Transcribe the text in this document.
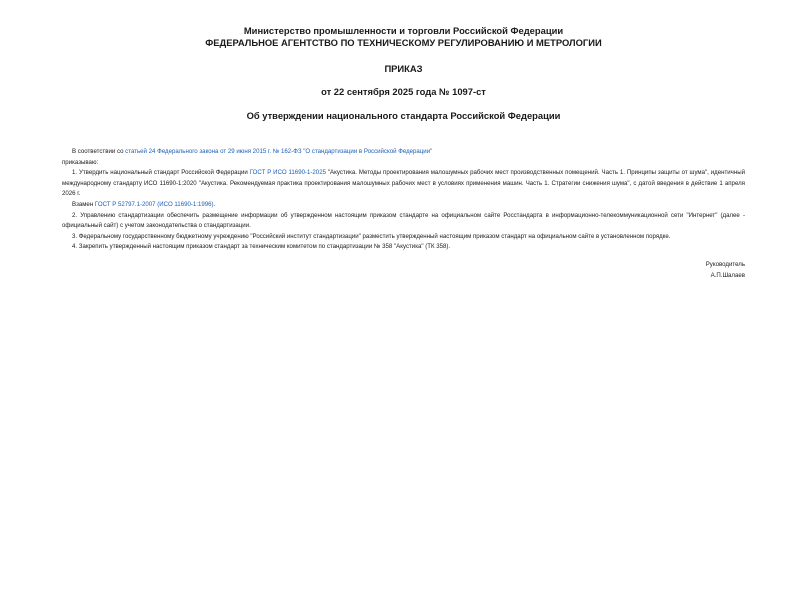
Министерство промышленности и торговли Российской Федерации
ФЕДЕРАЛЬНОЕ АГЕНТСТВО ПО ТЕХНИЧЕСКОМУ РЕГУЛИРОВАНИЮ И МЕТРОЛОГИИ
ПРИКАЗ
от 22 сентября 2025 года № 1097-ст
Об утверждении национального стандарта Российской Федерации

В соответствии со статьей 24 Федерального закона от 29 июня 2015 г. № 162-ФЗ "О стандартизации в Российской Федерации"

приказываю:

1. Утвердить национальный стандарт Российской Федерации ГОСТ Р ИСО 11690-1-2025 "Акустика. Методы проектирования малошумных рабочих мест производственных помещений. Часть 1. Принципы защиты от шума", идентичный международному стандарту ИСО 11690-1:2020 "Акустика. Рекомендуемая практика проектирования малошумных рабочих мест в условиях применения машин. Часть 1. Стратегии снижения шума", с датой введения в действие 1 апреля 2026 г.

Взамен ГОСТ Р 52797.1-2007 (ИСО 11690-1:1996).

2. Управлению стандартизации обеспечить размещение информации об утвержденном настоящим приказом стандарте на официальном сайте Росстандарта в информационно-телекоммуникационной сети "Интернет" (далее - официальный сайт) с учетом законодательства о стандартизации.

3. Федеральному государственному бюджетному учреждению "Российский институт стандартизации" разместить утвержденный настоящим приказом стандарт на официальном сайте в установленном порядке.

4. Закрепить утвержденный настоящим приказом стандарт за техническим комитетом по стандартизации № 358 "Акустика" (ТК 358).

Руководитель
А.П.Шалаев
